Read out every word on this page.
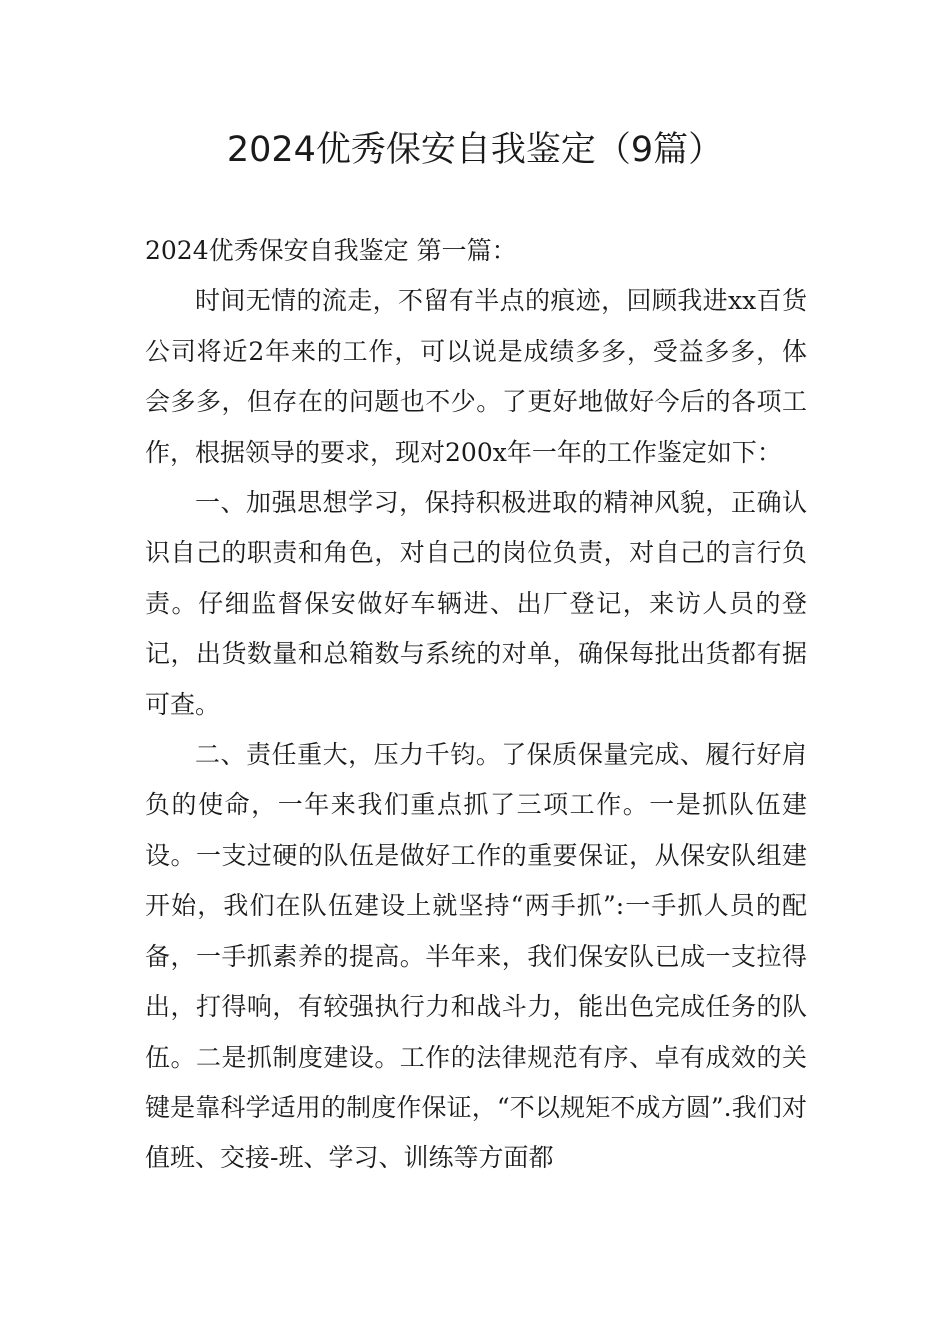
2024优秀保安自我鉴定（9篇）

2024优秀保安自我鉴定 第一篇：

时间无情的流走，不留有半点的痕迹，回顾我进xx百货公司将近2年来的工作，可以说是成绩多多，受益多多，体会多多，但存在的问题也不少。了更好地做好今后的各项工作，根据领导的要求，现对200x年一年的工作鉴定如下：

一、加强思想学习，保持积极进取的精神风貌，正确认识自己的职责和角色，对自己的岗位负责，对自己的言行负责。仔细监督保安做好车辆进、出厂登记，来访人员的登记，出货数量和总箱数与系统的对单，确保每批出货都有据可查。

二、责任重大，压力千钧。了保质保量完成、履行好肩负的使命，一年来我们重点抓了三项工作。一是抓队伍建设。一支过硬的队伍是做好工作的重要保证，从保安队组建开始，我们在队伍建设上就坚持“两手抓”:一手抓人员的配备，一手抓素养的提高。半年来，我们保安队已成一支拉得出，打得响，有较强执行力和战斗力，能出色完成任务的队伍。二是抓制度建设。工作的法律规范有序、卓有成效的关键是靠科学适用的制度作保证，“不以规矩不成方圆”.我们对值班、交接-班、学习、训练等方面都
